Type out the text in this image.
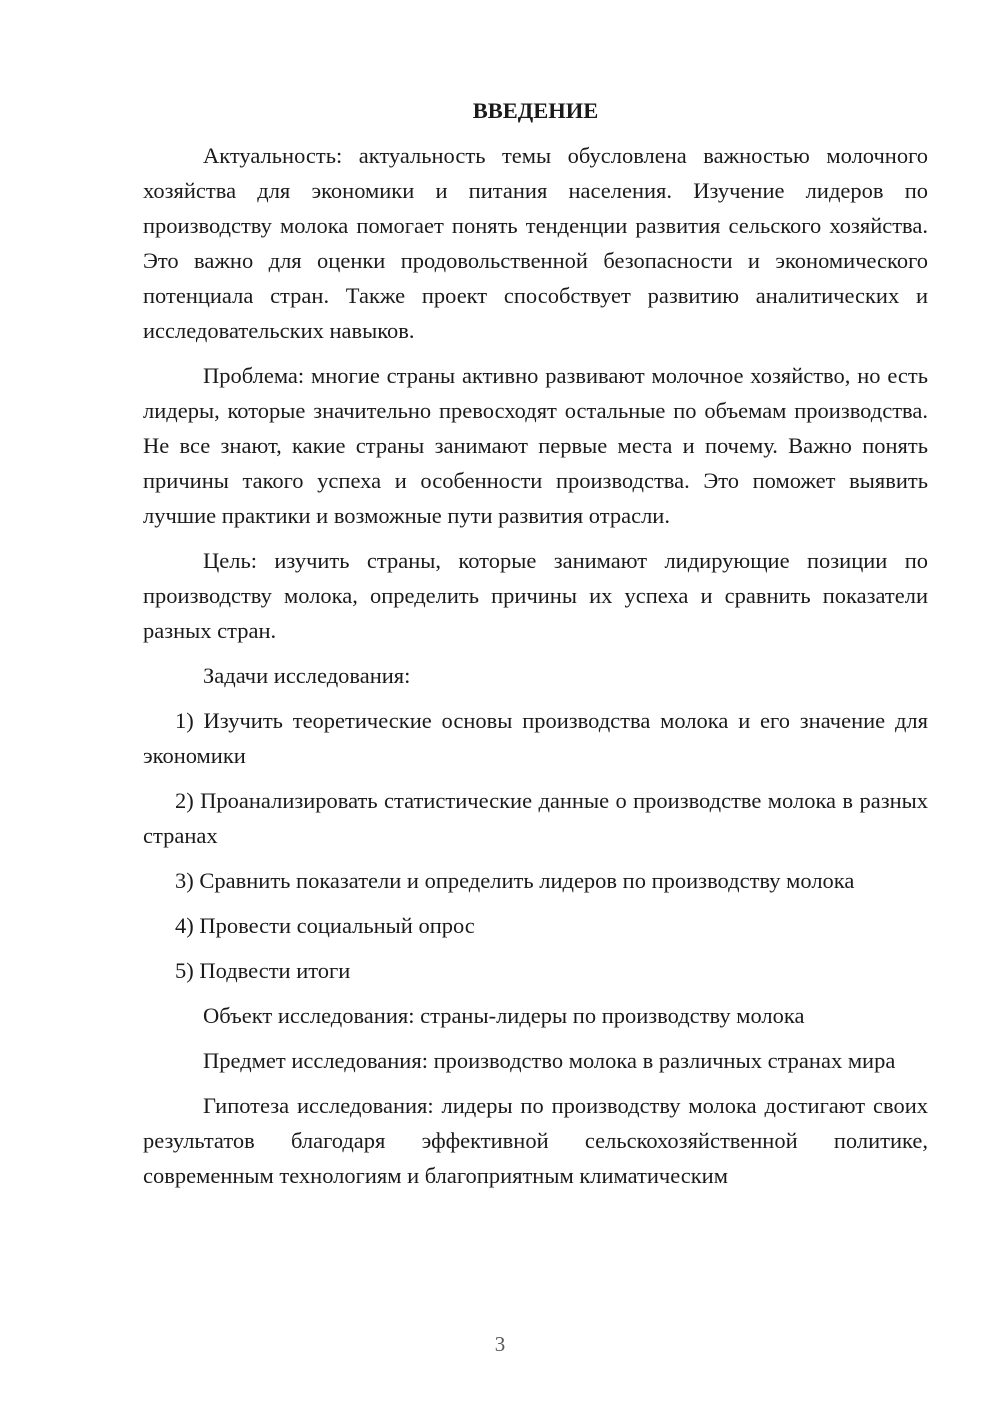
ВВЕДЕНИЕ

Актуальность: актуальность темы обусловлена важностью молочного хозяйства для экономики и питания населения. Изучение лидеров по производству молока помогает понять тенденции развития сельского хозяйства. Это важно для оценки продовольственной безопасности и экономического потенциала стран. Также проект способствует развитию аналитических и исследовательских навыков.

Проблема: многие страны активно развивают молочное хозяйство, но есть лидеры, которые значительно превосходят остальные по объемам производства. Не все знают, какие страны занимают первые места и почему. Важно понять причины такого успеха и особенности производства. Это поможет выявить лучшие практики и возможные пути развития отрасли.

Цель: изучить страны, которые занимают лидирующие позиции по производству молока, определить причины их успеха и сравнить показатели разных стран.

Задачи исследования:

1) Изучить теоретические основы производства молока и его значение для экономики

2) Проанализировать статистические данные о производстве молока в разных странах

3) Сравнить показатели и определить лидеров по производству молока

4) Провести социальный опрос

5) Подвести итоги

Объект исследования: страны-лидеры по производству молока

Предмет исследования: производство молока в различных странах мира

Гипотеза исследования: лидеры по производству молока достигают своих результатов благодаря эффективной сельскохозяйственной политике, современным технологиям и благоприятным климатическим

3
